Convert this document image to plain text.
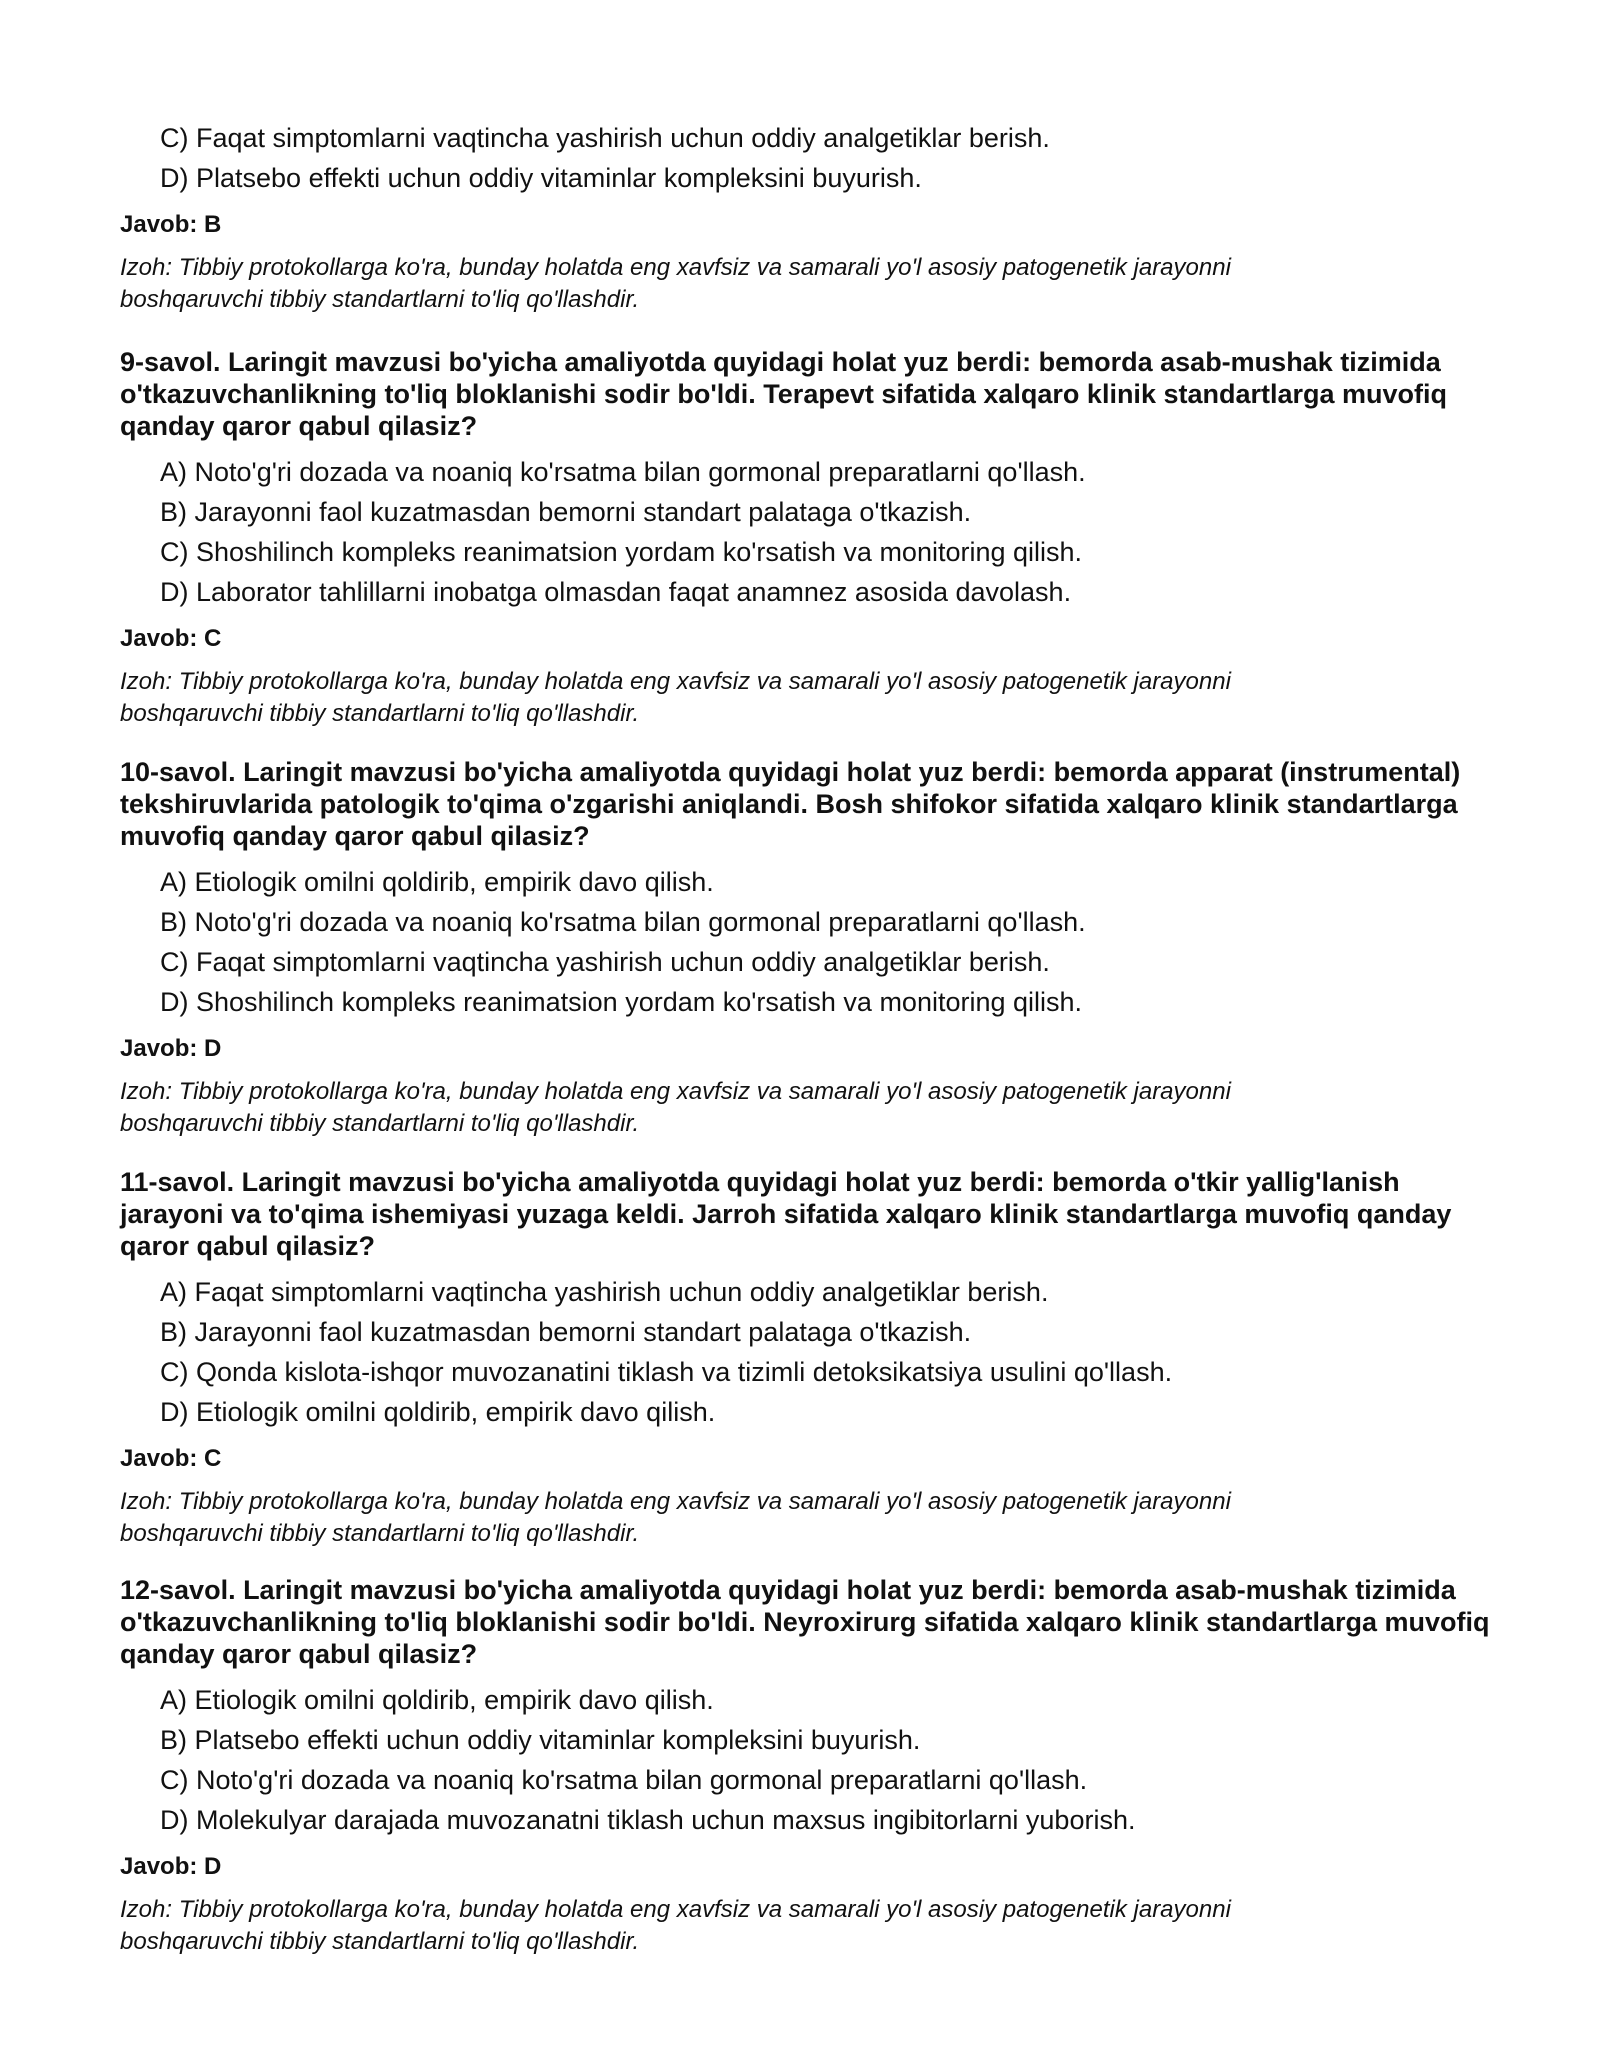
C) Faqat simptomlarni vaqtincha yashirish uchun oddiy analgetiklar berish.
D) Platsebo effekti uchun oddiy vitaminlar kompleksini buyurish.
Javob: B
Izoh: Tibbiy protokollarga ko'ra, bunday holatda eng xavfsiz va samarali yo'l asosiy patogenetik jarayonni boshqaruvchi tibbiy standartlarni to'liq qo'llashdir.
9-savol. Laringit mavzusi bo'yicha amaliyotda quyidagi holat yuz berdi: bemorda asab-mushak tizimida o'tkazuvchanlikning to'liq bloklanishi sodir bo'ldi. Terapevt sifatida xalqaro klinik standartlarga muvofiq qanday qaror qabul qilasiz?
A) Noto'g'ri dozada va noaniq ko'rsatma bilan gormonal preparatlarni qo'llash.
B) Jarayonni faol kuzatmasdan bemorni standart palataga o'tkazish.
C) Shoshilinch kompleks reanimatsion yordam ko'rsatish va monitoring qilish.
D) Laborator tahlillarni inobatga olmasdan faqat anamnez asosida davolash.
Javob: C
Izoh: Tibbiy protokollarga ko'ra, bunday holatda eng xavfsiz va samarali yo'l asosiy patogenetik jarayonni boshqaruvchi tibbiy standartlarni to'liq qo'llashdir.
10-savol. Laringit mavzusi bo'yicha amaliyotda quyidagi holat yuz berdi: bemorda apparat (instrumental) tekshiruvlarida patologik to'qima o'zgarishi aniqlandi. Bosh shifokor sifatida xalqaro klinik standartlarga muvofiq qanday qaror qabul qilasiz?
A) Etiologik omilni qoldirib, empirik davo qilish.
B) Noto'g'ri dozada va noaniq ko'rsatma bilan gormonal preparatlarni qo'llash.
C) Faqat simptomlarni vaqtincha yashirish uchun oddiy analgetiklar berish.
D) Shoshilinch kompleks reanimatsion yordam ko'rsatish va monitoring qilish.
Javob: D
Izoh: Tibbiy protokollarga ko'ra, bunday holatda eng xavfsiz va samarali yo'l asosiy patogenetik jarayonni boshqaruvchi tibbiy standartlarni to'liq qo'llashdir.
11-savol. Laringit mavzusi bo'yicha amaliyotda quyidagi holat yuz berdi: bemorda o'tkir yallig'lanish jarayoni va to'qima ishemiyasi yuzaga keldi. Jarroh sifatida xalqaro klinik standartlarga muvofiq qanday qaror qabul qilasiz?
A) Faqat simptomlarni vaqtincha yashirish uchun oddiy analgetiklar berish.
B) Jarayonni faol kuzatmasdan bemorni standart palataga o'tkazish.
C) Qonda kislota-ishqor muvozanatini tiklash va tizimli detoksikatsiya usulini qo'llash.
D) Etiologik omilni qoldirib, empirik davo qilish.
Javob: C
Izoh: Tibbiy protokollarga ko'ra, bunday holatda eng xavfsiz va samarali yo'l asosiy patogenetik jarayonni boshqaruvchi tibbiy standartlarni to'liq qo'llashdir.
12-savol. Laringit mavzusi bo'yicha amaliyotda quyidagi holat yuz berdi: bemorda asab-mushak tizimida o'tkazuvchanlikning to'liq bloklanishi sodir bo'ldi. Neyroxirurg sifatida xalqaro klinik standartlarga muvofiq qanday qaror qabul qilasiz?
A) Etiologik omilni qoldirib, empirik davo qilish.
B) Platsebo effekti uchun oddiy vitaminlar kompleksini buyurish.
C) Noto'g'ri dozada va noaniq ko'rsatma bilan gormonal preparatlarni qo'llash.
D) Molekulyar darajada muvozanatni tiklash uchun maxsus ingibitorlarni yuborish.
Javob: D
Izoh: Tibbiy protokollarga ko'ra, bunday holatda eng xavfsiz va samarali yo'l asosiy patogenetik jarayonni boshqaruvchi tibbiy standartlarni to'liq qo'llashdir.
